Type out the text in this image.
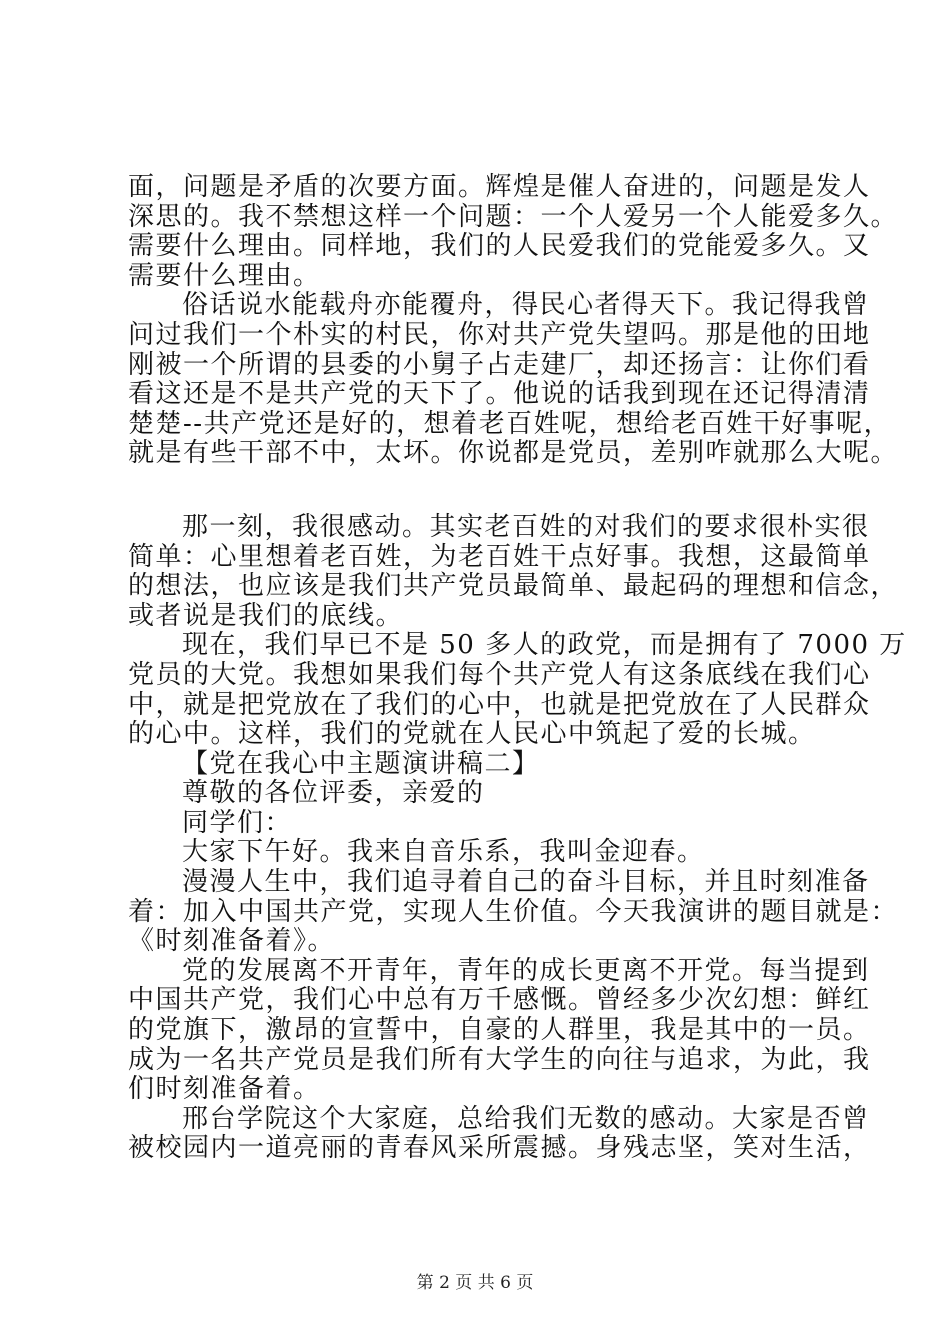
面，问题是矛盾的次要方面。辉煌是催人奋进的，问题是发人
深思的。我不禁想这样一个问题：一个人爱另一个人能爱多久。
需要什么理由。同样地，我们的人民爱我们的党能爱多久。又
需要什么理由。
俗话说水能载舟亦能覆舟，得民心者得天下。我记得我曾
问过我们一个朴实的村民，你对共产党失望吗。那是他的田地
刚被一个所谓的县委的小舅子占走建厂，却还扬言：让你们看
看这还是不是共产党的天下了。他说的话我到现在还记得清清
楚楚--共产党还是好的，想着老百姓呢，想给老百姓干好事呢，
就是有些干部不中，太坏。你说都是党员，差别咋就那么大呢。
那一刻，我很感动。其实老百姓的对我们的要求很朴实很
简单：心里想着老百姓，为老百姓干点好事。我想，这最简单
的想法，也应该是我们共产党员最简单、最起码的理想和信念，
或者说是我们的底线。
现在，我们早已不是 50 多人的政党，而是拥有了 7000 万
党员的大党。我想如果我们每个共产党人有这条底线在我们心
中，就是把党放在了我们的心中，也就是把党放在了人民群众
的心中。这样，我们的党就在人民心中筑起了爱的长城。
【党在我心中主题演讲稿二】
尊敬的各位评委，亲爱的
同学们：
大家下午好。我来自音乐系，我叫金迎春。
漫漫人生中，我们追寻着自己的奋斗目标，并且时刻准备
着：加入中国共产党，实现人生价值。今天我演讲的题目就是：
《时刻准备着》。
党的发展离不开青年，青年的成长更离不开党。每当提到
中国共产党，我们心中总有万千感慨。曾经多少次幻想：鲜红
的党旗下，激昂的宣誓中，自豪的人群里，我是其中的一员。
成为一名共产党员是我们所有大学生的向往与追求，为此，我
们时刻准备着。
邢台学院这个大家庭，总给我们无数的感动。大家是否曾
被校园内一道亮丽的青春风采所震撼。身残志坚，笑对生活，
第 2 页 共 6 页
